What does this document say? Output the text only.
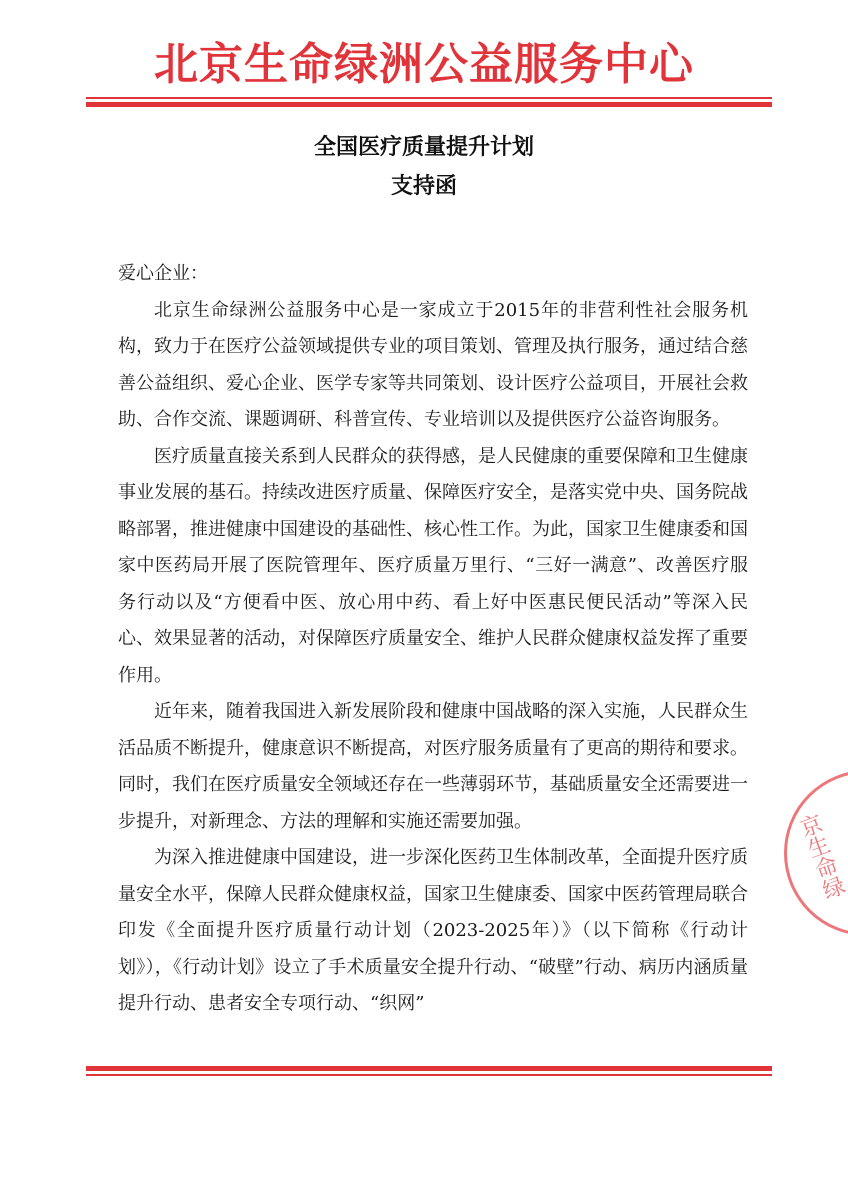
北京生命绿洲公益服务中心
全国医疗质量提升计划
支持函

爱心企业：

北京生命绿洲公益服务中心是一家成立于2015年的非营利性社会服务机构，致力于在医疗公益领域提供专业的项目策划、管理及执行服务，通过结合慈善公益组织、爱心企业、医学专家等共同策划、设计医疗公益项目，开展社会救助、合作交流、课题调研、科普宣传、专业培训以及提供医疗公益咨询服务。

医疗质量直接关系到人民群众的获得感，是人民健康的重要保障和卫生健康事业发展的基石。持续改进医疗质量、保障医疗安全，是落实党中央、国务院战略部署，推进健康中国建设的基础性、核心性工作。为此，国家卫生健康委和国家中医药局开展了医院管理年、医疗质量万里行、“三好一满意”、改善医疗服务行动以及“方便看中医、放心用中药、看上好中医惠民便民活动”等深入民心、效果显著的活动，对保障医疗质量安全、维护人民群众健康权益发挥了重要作用。

近年来，随着我国进入新发展阶段和健康中国战略的深入实施，人民群众生活品质不断提升，健康意识不断提高，对医疗服务质量有了更高的期待和要求。同时，我们在医疗质量安全领域还存在一些薄弱环节，基础质量安全还需要进一步提升，对新理念、方法的理解和实施还需要加强。

为深入推进健康中国建设，进一步深化医药卫生体制改革，全面提升医疗质量安全水平，保障人民群众健康权益，国家卫生健康委、国家中医药管理局联合印发《全面提升医疗质量行动计划（2023-2025年）》（以下简称《行动计划》），《行动计划》设立了手术质量安全提升行动、“破壁”行动、病历内涵质量提升行动、患者安全专项行动、“织网”

京生命绿
